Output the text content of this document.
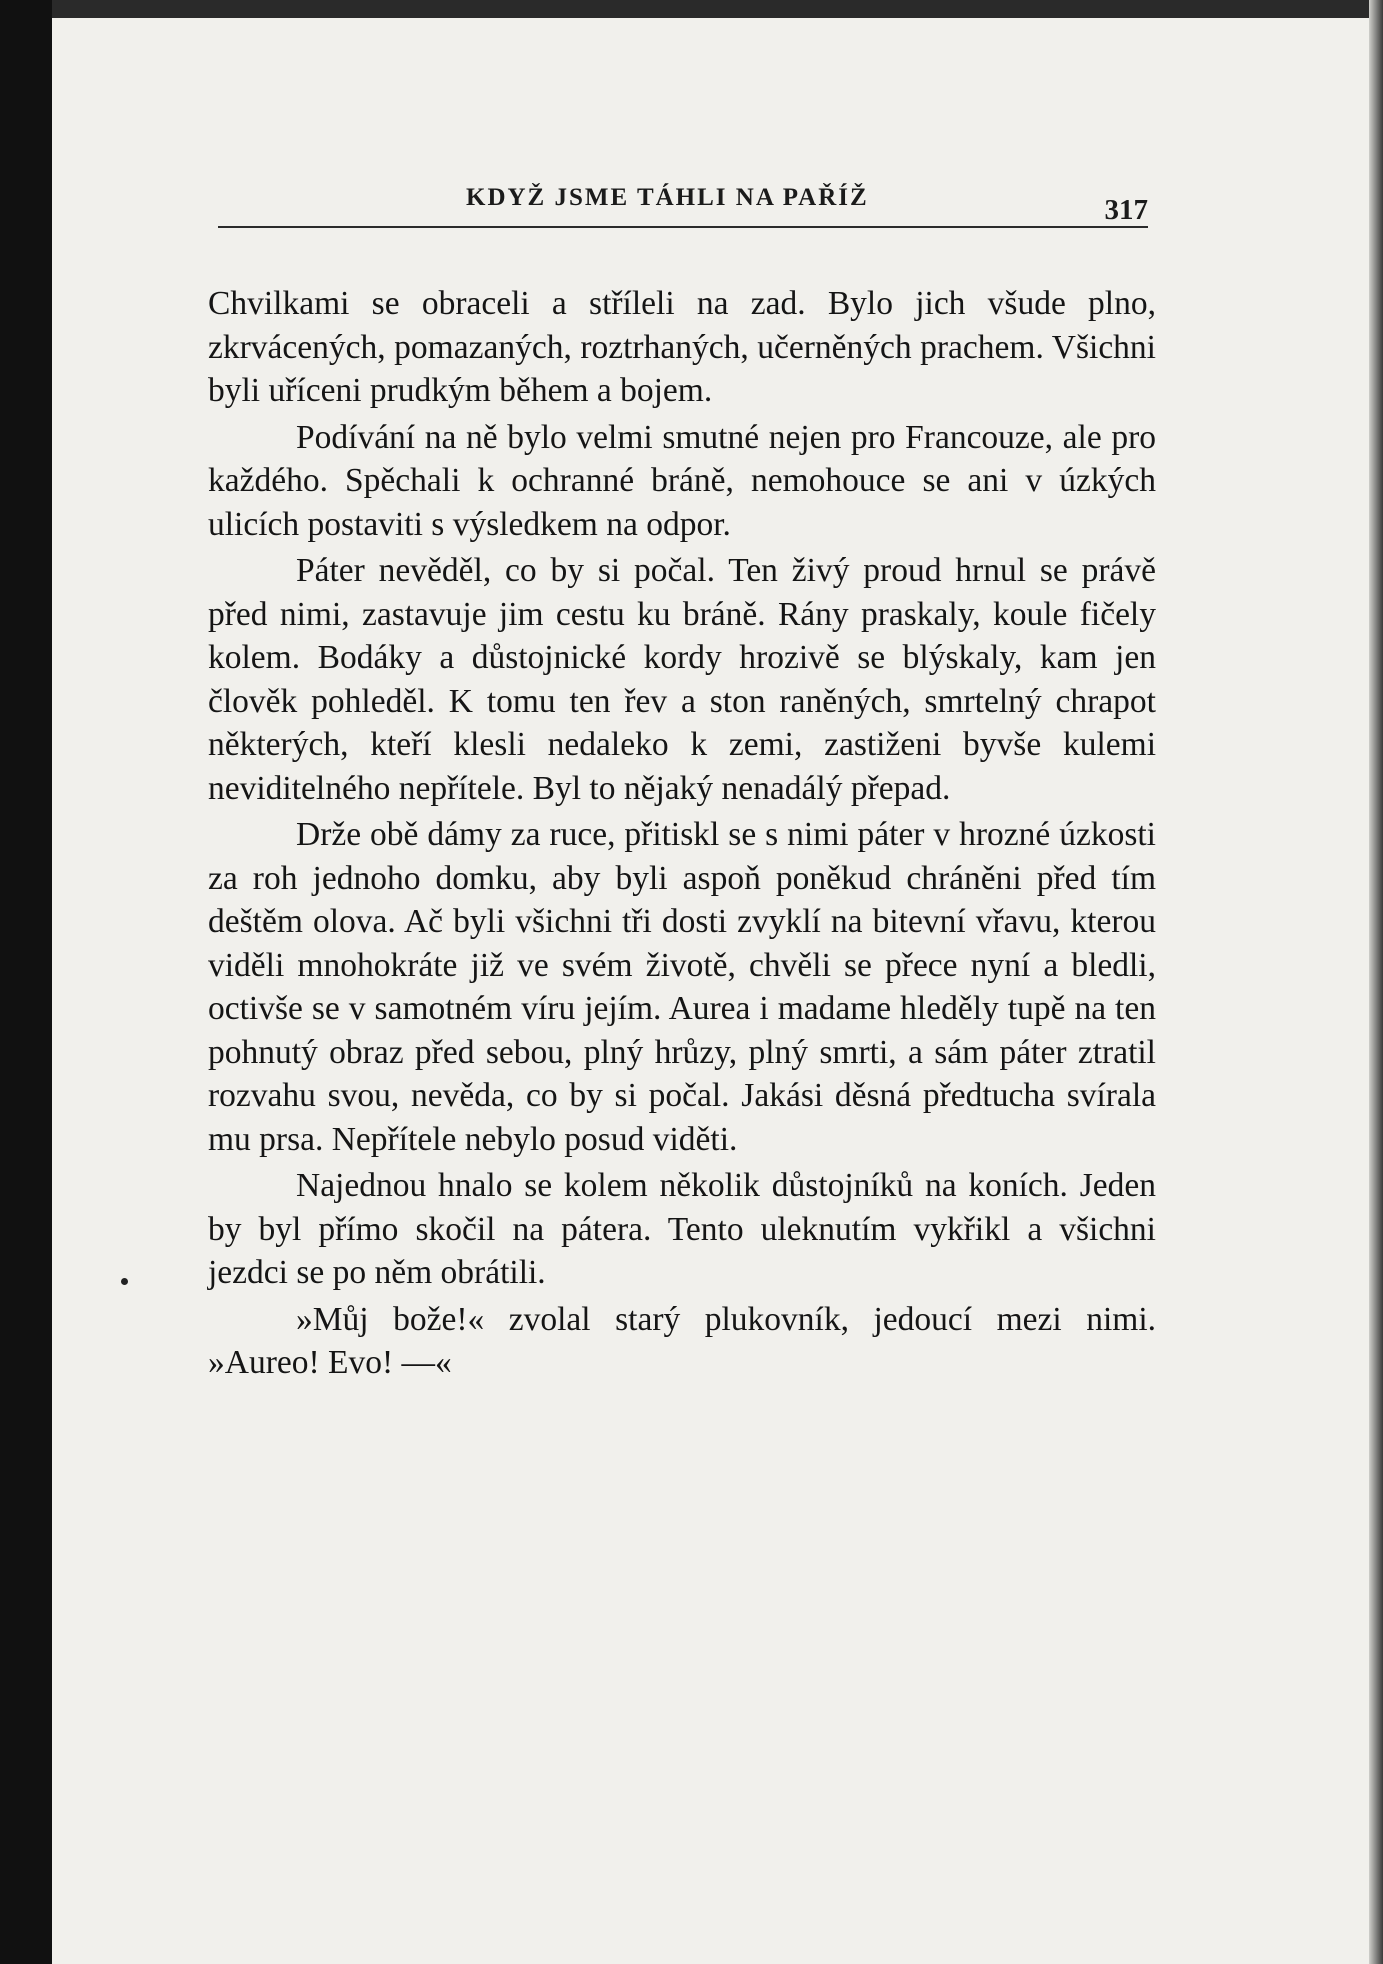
KDYŽ JSME TÁHLI NA PAŘÍŽ	317

Chvilkami se obraceli a stříleli na zad. Bylo jich všude plno, zkrvácených, pomazaných, roztrhaných, učerněných prachem. Všichni byli uříceni prudkým během a bojem.

Podívání na ně bylo velmi smutné nejen pro Francouze, ale pro každého. Spěchali k ochranné bráně, nemohouce se ani v úzkých ulicích postaviti s výsledkem na odpor.

Páter nevěděl, co by si počal. Ten živý proud hrnul se právě před nimi, zastavuje jim cestu ku bráně. Rány praskaly, koule fičely kolem. Bodáky a důstojnické kordy hrozivě se blýskaly, kam jen člověk pohleděl. K tomu ten řev a ston raněných, smrtelný chrapot některých, kteří klesli nedaleko k zemi, zastiženi byvše kulemi neviditelného nepřítele. Byl to nějaký nenadálý přepad.

Drže obě dámy za ruce, přitiskl se s nimi páter v hrozné úzkosti za roh jednoho domku, aby byli aspoň poněkud chráněni před tím deštěm olova. Ač byli všichni tři dosti zvyklí na bitevní vřavu, kterou viděli mnohokráte již ve svém životě, chvěli se přece nyní a bledli, octivše se v samotném víru jejím. Aurea i madame hleděly tupě na ten pohnutý obraz před sebou, plný hrůzy, plný smrti, a sám páter ztratil rozvahu svou, nevěda, co by si počal. Jakási děsná předtucha svírala mu prsa. Nepřítele nebylo posud viděti.

Najednou hnalo se kolem několik důstojníků na koních. Jeden by byl přímo skočil na pátera. Tento uleknutím vykřikl a všichni jezdci se po něm obrátili.

»Můj bože!« zvolal starý plukovník, jedoucí mezi nimi. »Aureo! Evo! —«
